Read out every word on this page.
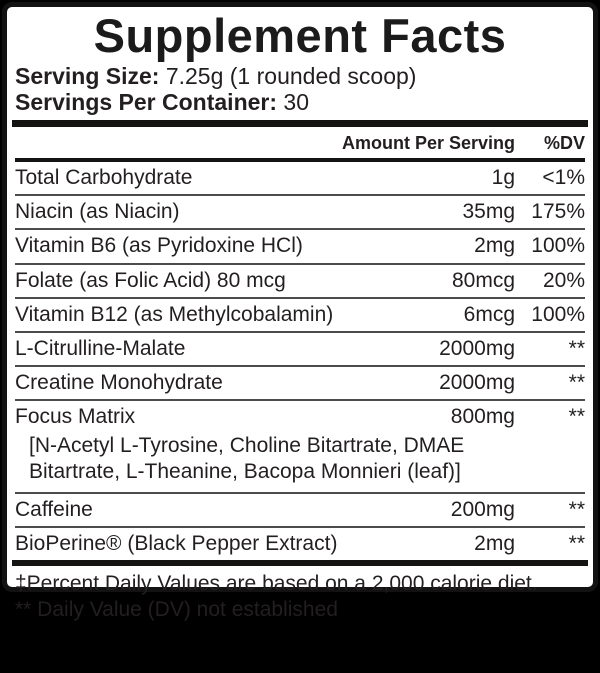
Supplement Facts
Serving Size: 7.25g (1 rounded scoop)
Servings Per Container: 30
Amount Per Serving	%DV
Total Carbohydrate	1g	<1%
Niacin (as Niacin)	35mg 175%
Vitamin B6 (as Pyridoxine HCl)	2mg 100%
Folate (as Folic Acid) 80 mcg	80mcg	20%
Vitamin B12 (as Methylcobalamin)	6mcg 100%
L-Citrulline-Malate	2000mg	**
Creatine Monohydrate	2000mg	**
Focus Matrix	800mg	**
[N-Acetyl L-Tyrosine, Choline Bitartrate, DMAE Bitartrate, L-Theanine, Bacopa Monnieri (leaf)]
Caffeine	200mg	**
BioPerine® (Black Pepper Extract)	2mg	**
‡Percent Daily Values are based on a 2,000 calorie diet.
** Daily Value (DV) not established
